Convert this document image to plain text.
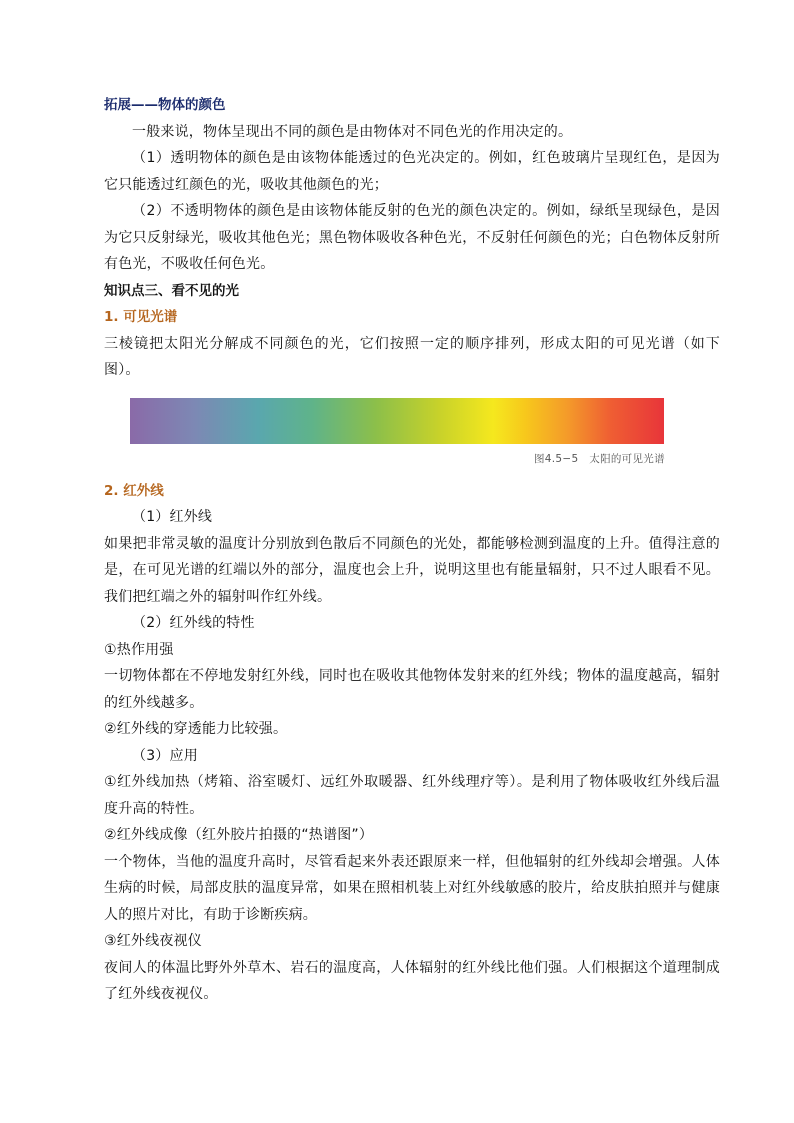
拓展——物体的颜色

一般来说，物体呈现出不同的颜色是由物体对不同色光的作用决定的。

（1）透明物体的颜色是由该物体能透过的色光决定的。例如，红色玻璃片呈现红色，是因为它只能透过红颜色的光，吸收其他颜色的光；

（2）不透明物体的颜色是由该物体能反射的色光的颜色决定的。例如，绿纸呈现绿色，是因为它只反射绿光，吸收其他色光；黑色物体吸收各种色光，不反射任何颜色的光；白色物体反射所有色光，不吸收任何色光。

知识点三、看不见的光

1. 可见光谱

三棱镜把太阳光分解成不同颜色的光，它们按照一定的顺序排列，形成太阳的可见光谱（如下图）。

图4.5−5　太阳的可见光谱

2. 红外线

（1）红外线

如果把非常灵敏的温度计分别放到色散后不同颜色的光处，都能够检测到温度的上升。值得注意的是，在可见光谱的红端以外的部分，温度也会上升，说明这里也有能量辐射，只不过人眼看不见。我们把红端之外的辐射叫作红外线。

（2）红外线的特性

①热作用强

一切物体都在不停地发射红外线，同时也在吸收其他物体发射来的红外线；物体的温度越高，辐射的红外线越多。

②红外线的穿透能力比较强。

（3）应用

①红外线加热（烤箱、浴室暖灯、远红外取暖器、红外线理疗等）。是利用了物体吸收红外线后温度升高的特性。

②红外线成像（红外胶片拍摄的“热谱图”）

一个物体，当他的温度升高时，尽管看起来外表还跟原来一样，但他辐射的红外线却会增强。人体生病的时候，局部皮肤的温度异常，如果在照相机装上对红外线敏感的胶片，给皮肤拍照并与健康人的照片对比，有助于诊断疾病。

③红外线夜视仪

夜间人的体温比野外外草木、岩石的温度高，人体辐射的红外线比他们强。人们根据这个道理制成了红外线夜视仪。
